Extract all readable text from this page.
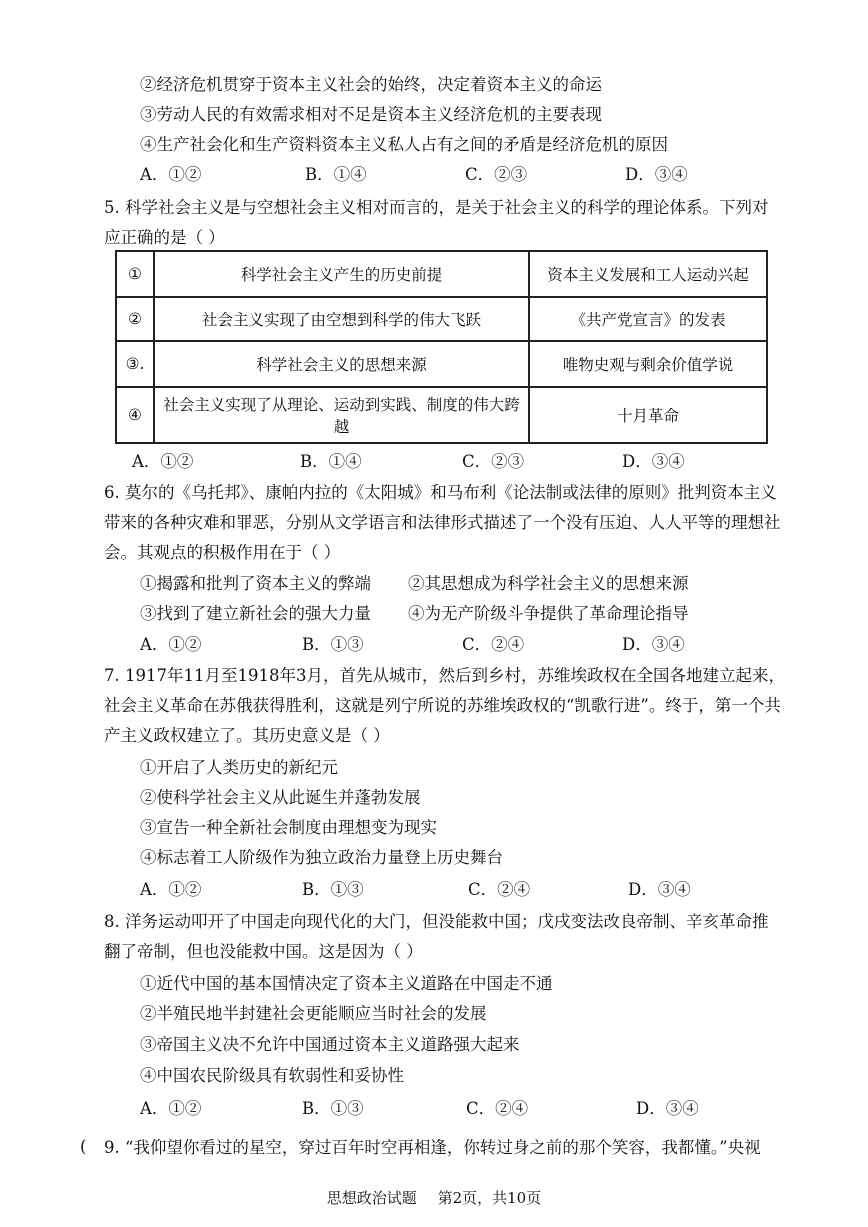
②经济危机贯穿于资本主义社会的始终，决定着资本主义的命运
③劳动人民的有效需求相对不足是资本主义经济危机的主要表现
④生产社会化和生产资料资本主义私人占有之间的矛盾是经济危机的原因
A．①②	B．①④	C．②③	D．③④
5. 科学社会主义是与空想社会主义相对而言的，是关于社会主义的科学的理论体系。下列对
应正确的是（ ）
①	科学社会主义产生的历史前提	资本主义发展和工人运动兴起
②	社会主义实现了由空想到科学的伟大飞跃	《共产党宣言》的发表
③.	科学社会主义的思想来源	唯物史观与剩余价值学说
④	社会主义实现了从理论、运动到实践、制度的伟大跨越	十月革命
A．①②	B．①④	C．②③	D．③④
6. 莫尔的《乌托邦》、康帕内拉的《太阳城》和马布利《论法制或法律的原则》批判资本主义
带来的各种灾难和罪恶，分别从文学语言和法律形式描述了一个没有压迫、人人平等的理想社
会。其观点的积极作用在于（ ）
①揭露和批判了资本主义的弊端 ②其思想成为科学社会主义的思想来源
③找到了建立新社会的强大力量 ④为无产阶级斗争提供了革命理论指导
A．①②	B．①③	C．②④	D．③④
7. 1917年11月至1918年3月，首先从城市，然后到乡村，苏维埃政权在全国各地建立起来，
社会主义革命在苏俄获得胜利，这就是列宁所说的苏维埃政权的“凯歌行进”。终于，第一个共
产主义政权建立了。其历史意义是（ ）
①开启了人类历史的新纪元
②使科学社会主义从此诞生并蓬勃发展
③宣告一种全新社会制度由理想变为现实
④标志着工人阶级作为独立政治力量登上历史舞台
A．①②	B．①③	C．②④	D．③④
8. 洋务运动叩开了中国走向现代化的大门，但没能救中国；戊戌变法改良帝制、辛亥革命推
翻了帝制，但也没能救中国。这是因为（ ）
①近代中国的基本国情决定了资本主义道路在中国走不通
②半殖民地半封建社会更能顺应当时社会的发展
③帝国主义决不允许中国通过资本主义道路强大起来
④中国农民阶级具有软弱性和妥协性
A．①②	B．①③	C．②④	D．③④
( 9. “我仰望你看过的星空，穿过百年时空再相逢，你转过身之前的那个笑容，我都懂。”央视
思想政治试题 第2页，共10页
